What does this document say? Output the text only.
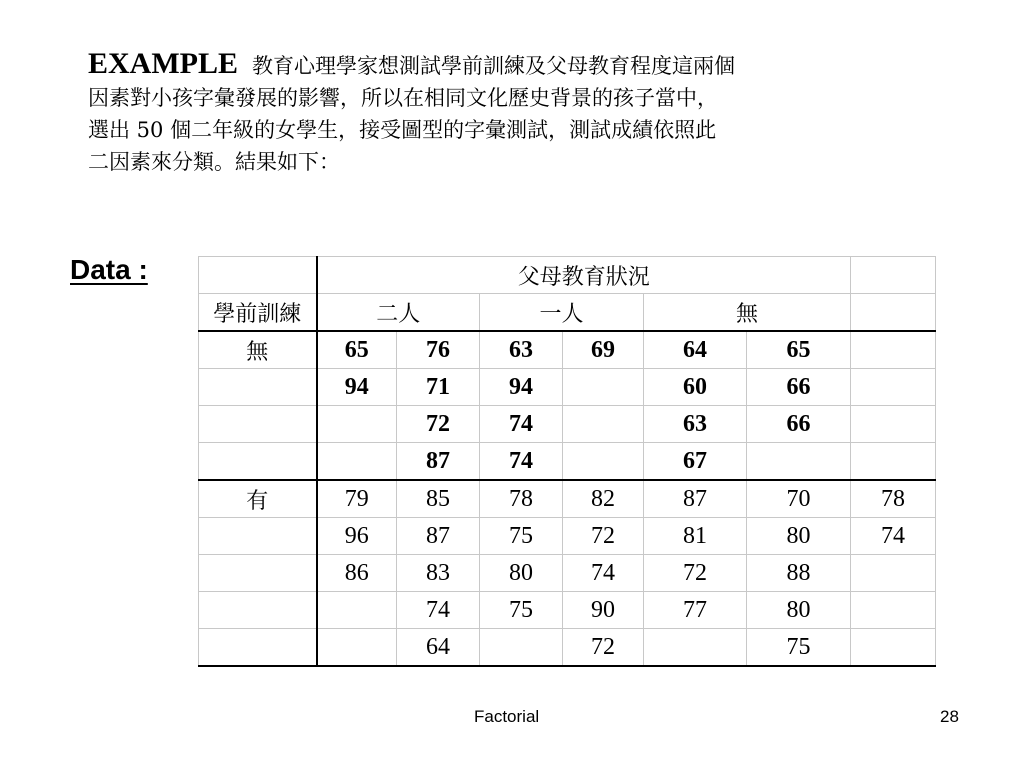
EXAMPLE 教育心理學家想測試學前訓練及父母教育程度這兩個
因素對小孩字彙發展的影響，所以在相同文化歷史背景的孩子當中，
選出 50 個二年級的女學生，接受圖型的字彙測試，測試成績依照此
二因素來分類。結果如下：
Data :
		父母教育狀況						
學前訓練	二人		一人		無		
無	65	76	63	69	64	65	
	94	71	94		60	66	
		72	74		63	66	
		87	74		67		
有	79	85	78	82	87	70	78
	96	87	75	72	81	80	74
	86	83	80	74	72	88	
		74	75	90	77	80	
		64		72		75	
Factorial	28
